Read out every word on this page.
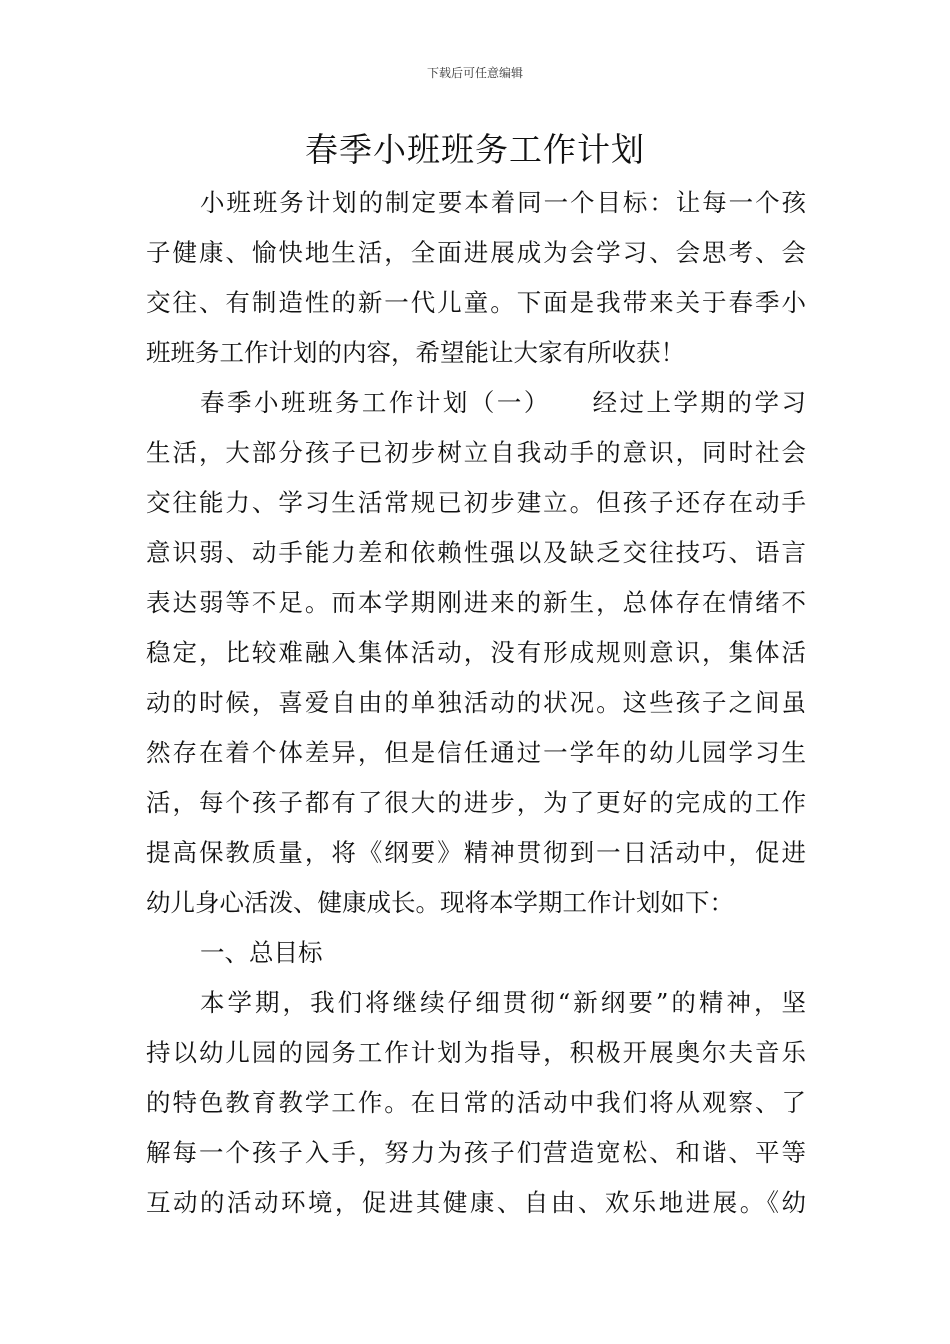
下载后可任意编辑
春季小班班务工作计划
小班班务计划的制定要本着同一个目标：让每一个孩
子健康、愉快地生活，全面进展成为会学习、会思考、会
交往、有制造性的新一代儿童。下面是我带来关于春季小
班班务工作计划的内容，希望能让大家有所收获！
春季小班班务工作计划（一）　　经过上学期的学习
生活，大部分孩子已初步树立自我动手的意识，同时社会
交往能力、学习生活常规已初步建立。但孩子还存在动手
意识弱、动手能力差和依赖性强以及缺乏交往技巧、语言
表达弱等不足。而本学期刚进来的新生，总体存在情绪不
稳定，比较难融入集体活动，没有形成规则意识，集体活
动的时候，喜爱自由的单独活动的状况。这些孩子之间虽
然存在着个体差异，但是信任通过一学年的幼儿园学习生
活，每个孩子都有了很大的进步，为了更好的完成的工作
提高保教质量，将《纲要》精神贯彻到一日活动中，促进
幼儿身心活泼、健康成长。现将本学期工作计划如下：
一、总目标
本学期，我们将继续仔细贯彻“新纲要”的精神，坚
持以幼儿园的园务工作计划为指导，积极开展奥尔夫音乐
的特色教育教学工作。在日常的活动中我们将从观察、了
解每一个孩子入手，努力为孩子们营造宽松、和谐、平等
互动的活动环境，促进其健康、自由、欢乐地进展。《幼
